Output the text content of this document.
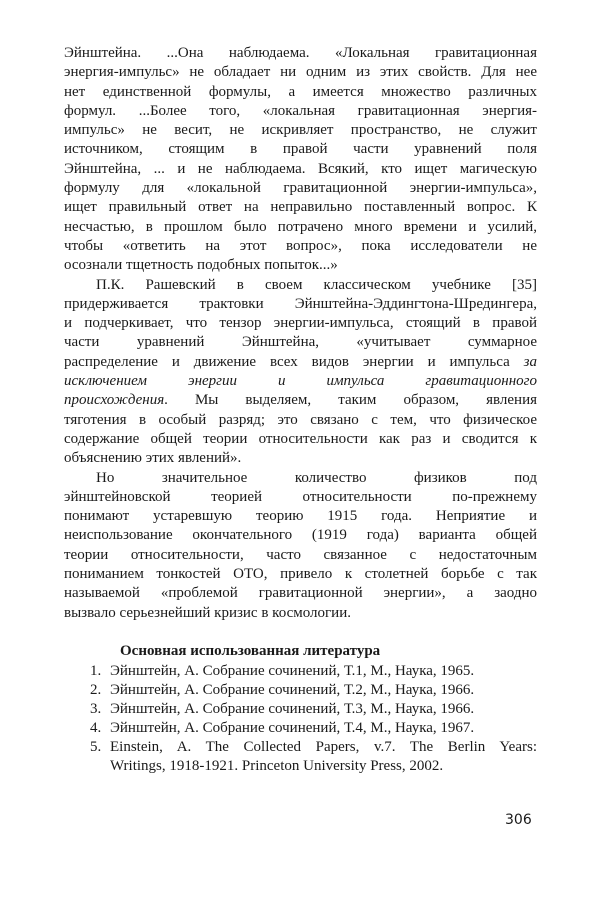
Эйнштейна. ...Она наблюдаема. «Локальная гравитационная

энергия-импульс» не обладает ни одним из этих свойств. Для нее

нет единственной формулы, а имеется множество различных

формул. ...Более того, «локальная гравитационная энергия-

импульс» не весит, не искривляет пространство, не служит

источником, стоящим в правой части уравнений поля

Эйнштейна, ... и не наблюдаема. Всякий, кто ищет магическую

формулу для «локальной гравитационной энергии-импульса»,

ищет правильный ответ на неправильно поставленный вопрос. К

несчастью, в прошлом было потрачено много времени и усилий,

чтобы «ответить на этот вопрос», пока исследователи не

осознали тщетность подобных попыток...»

П.К. Рашевский в своем классическом учебнике [35]

придерживается трактовки Эйнштейна-Эддингтона-Шредингера,

и подчеркивает, что тензор энергии-импульса, стоящий в правой

части уравнений Эйнштейна, «учитывает суммарное

распределение и движение всех видов энергии и импульса за

исключением энергии и импульса гравитационного

происхождения. Мы выделяем, таким образом, явления

тяготения в особый разряд; это связано с тем, что физическое

содержание общей теории относительности как раз и сводится к

объяснению этих явлений».

Но значительное количество физиков под

эйнштейновской теорией относительности по-прежнему

понимают устаревшую теорию 1915 года. Неприятие и

неиспользование окончательного (1919 года) варианта общей

теории относительности, часто связанное с недостаточным

пониманием тонкостей ОТО, привело к столетней борьбе с так

называемой «проблемой гравитационной энергии», а заодно

вызвало серьезнейший кризис в космологии.

Основная использованная литература
1. Эйнштейн, А. Собрание сочинений, Т.1, М., Наука, 1965.
2. Эйнштейн, А. Собрание сочинений, Т.2, М., Наука, 1966.
3. Эйнштейн, А. Собрание сочинений, Т.3, М., Наука, 1966.
4. Эйнштейн, А. Собрание сочинений, Т.4, М., Наука, 1967.
5. Einstein, A. The Collected Papers, v.7. The Berlin Years:
Writings, 1918-1921. Princeton University Press, 2002.
306
